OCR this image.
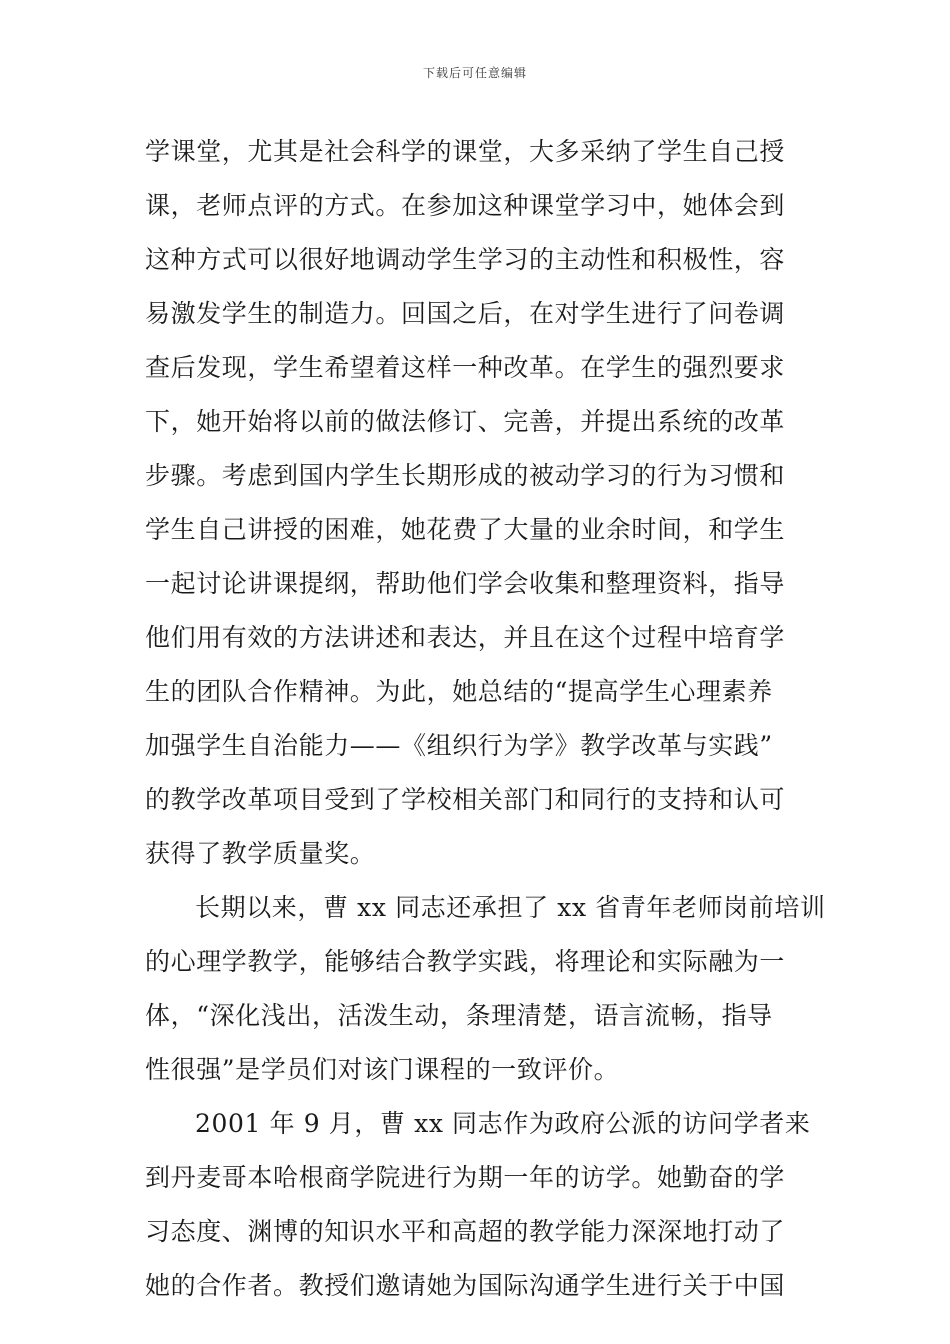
下载后可任意编辑
学课堂，尤其是社会科学的课堂，大多采纳了学生自己授
课，老师点评的方式。在参加这种课堂学习中，她体会到
这种方式可以很好地调动学生学习的主动性和积极性，容
易激发学生的制造力。回国之后，在对学生进行了问卷调
查后发现，学生希望着这样一种改革。在学生的强烈要求
下，她开始将以前的做法修订、完善，并提出系统的改革
步骤。考虑到国内学生长期形成的被动学习的行为习惯和
学生自己讲授的困难，她花费了大量的业余时间，和学生
一起讨论讲课提纲，帮助他们学会收集和整理资料，指导
他们用有效的方法讲述和表达，并且在这个过程中培育学
生的团队合作精神。为此，她总结的“提高学生心理素养
加强学生自治能力——《组织行为学》教学改革与实践”
的教学改革项目受到了学校相关部门和同行的支持和认可
获得了教学质量奖。
长期以来，曹 xx 同志还承担了 xx 省青年老师岗前培训
的心理学教学，能够结合教学实践，将理论和实际融为一
体，“深化浅出，活泼生动，条理清楚，语言流畅，指导
性很强”是学员们对该门课程的一致评价。
2001 年 9 月，曹 xx 同志作为政府公派的访问学者来
到丹麦哥本哈根商学院进行为期一年的访学。她勤奋的学
习态度、渊博的知识水平和高超的教学能力深深地打动了
她的合作者。教授们邀请她为国际沟通学生进行关于中国
